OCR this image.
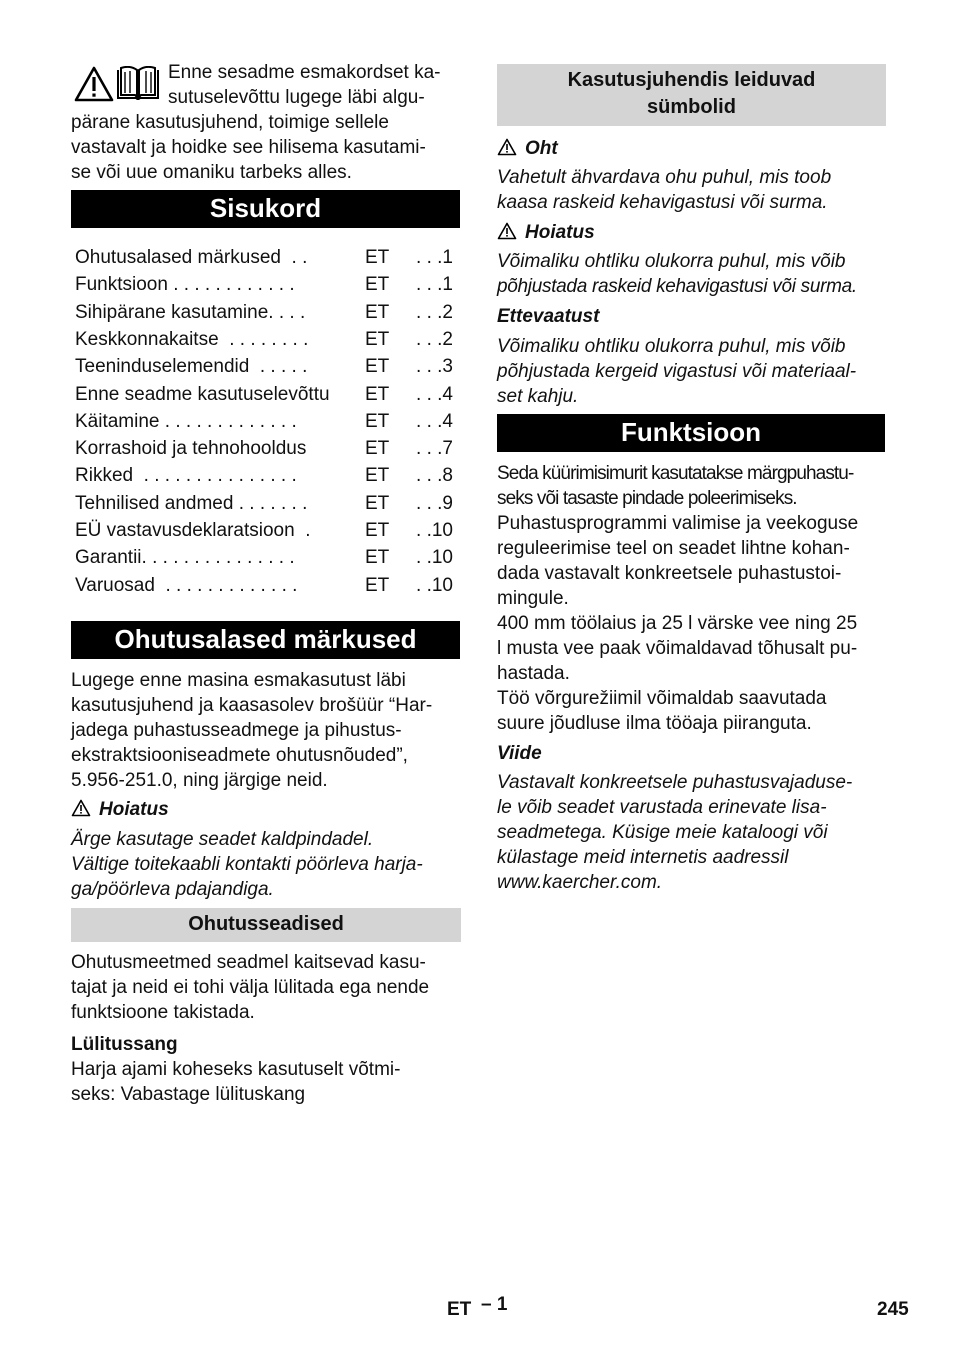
Enne sesadme esmakordset ka-

sutuselevõttu lugege läbi algu-

pärane kasutusjuhend, toimige sellele

vastavalt ja hoidke see hilisema kasutami-

se või uue omaniku tarbeks alles.

Sisukord
Ohutusalased märkused  . .	ET . . .1
Funktsioon . . . . . . . . . . . .	ET . . .1
Sihipärane kasutamine. . . .	ET . . .2
Keskkonnakaitse  . . . . . . . .	ET . . .2
Teeninduselemendid  . . . . .	ET . . .3
Enne seadme kasutuselevõttu ET . . .4
Käitamine . . . . . . . . . . . . .	ET . . .4
Korrashoid ja tehnohooldus	ET . . .7
Rikked  . . . . . . . . . . . . . . .	ET . . .8
Tehnilised andmed . . . . . . .	ET . . .9
EÜ vastavusdeklaratsioon  .	ET . .10
Garantii. . . . . . . . . . . . . . .	ET . .10
Varuosad  . . . . . . . . . . . . .	ET . .10
Ohutusalased märkused

Lugege enne masina esmakasutust läbi

kasutusjuhend ja kaasasolev brošüür “Har-

jadega puhastusseadmege ja pihustus-

ekstraktsiooniseadmete ohutusnõuded”,

5.956-251.0, ning järgige neid.

Hoiatus

Ärge kasutage seadet kaldpindadel.

Vältige toitekaabli kontakti pöörleva harja-

ga/pöörleva pdajandiga.

Ohutusseadised

Ohutusmeetmed seadmel kaitsevad kasu-

tajat ja neid ei tohi välja lülitada ega nende

funktsioone takistada.

Lülitussang

Harja ajami koheseks kasutuselt võtmi-

seks: Vabastage lülituskang

Kasutusjuhendis leiduvad
sümbolid

Oht

Vahetult ähvardava ohu puhul, mis toob

kaasa raskeid kehavigastusi või surma.

Hoiatus

Võimaliku ohtliku olukorra puhul, mis võib

põhjustada raskeid kehavigastusi või surma.

Ettevaatust

Võimaliku ohtliku olukorra puhul, mis võib

põhjustada kergeid vigastusi või materiaal-

set kahju.

Funktsioon

Seda küürimisimurit kasutatakse märgpuhastu-

seks või tasaste pindade poleerimiseks.

Puhastusprogrammi valimise ja veekoguse

reguleerimise teel on seadet lihtne kohan-

dada vastavalt konkreetsele puhastustoi-

mingule.

400 mm töölaius ja 25 l värske vee ning 25

l musta vee paak võimaldavad tõhusalt pu-

hastada.

Töö võrgurežiimil võimaldab saavutada

suure jõudluse ilma tööaja piiranguta.

Viide

Vastavalt konkreetsele puhastusvajaduse-

le võib seadet varustada erinevate lisa-

seadmetega. Küsige meie kataloogi või

külastage meid internetis aadressil

www.kaercher.com.

ET – 1	245
